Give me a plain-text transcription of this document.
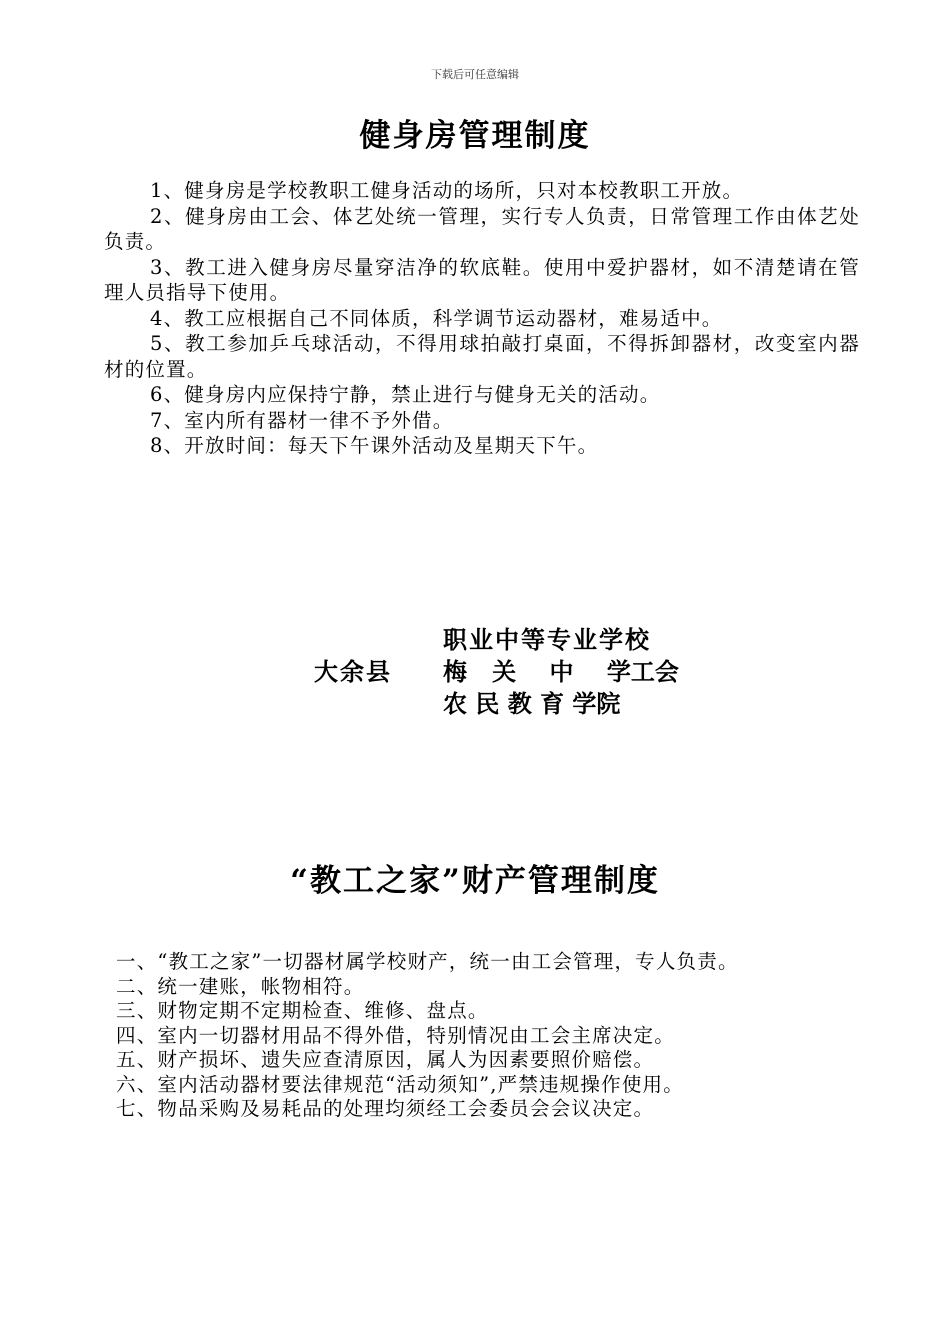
下载后可任意编辑
健身房管理制度

1、健身房是学校教职工健身活动的场所，只对本校教职工开放。

2、健身房由工会、体艺处统一管理，实行专人负责，日常管理工作由体艺处负责。

3、教工进入健身房尽量穿洁净的软底鞋。使用中爱护器材，如不清楚请在管理人员指导下使用。

4、教工应根据自己不同体质，科学调节运动器材，难易适中。

5、教工参加乒乓球活动，不得用球拍敲打桌面，不得拆卸器材，改变室内器材的位置。

6、健身房内应保持宁静，禁止进行与健身无关的活动。

7、室内所有器材一律不予外借。

8、开放时间：每天下午课外活动及星期天下午。

大余县
职业中等专业学校
梅   关    中    学工会
农 民 教 育 学院
“教工之家”财产管理制度

一、“教工之家”一切器材属学校财产，统一由工会管理，专人负责。

二、统一建账，帐物相符。

三、财物定期不定期检查、维修、盘点。

四、室内一切器材用品不得外借，特别情况由工会主席决定。

五、财产损坏、遗失应查清原因，属人为因素要照价赔偿。

六、室内活动器材要法律规范“活动须知”,严禁违规操作使用。

七、物品采购及易耗品的处理均须经工会委员会会议决定。
